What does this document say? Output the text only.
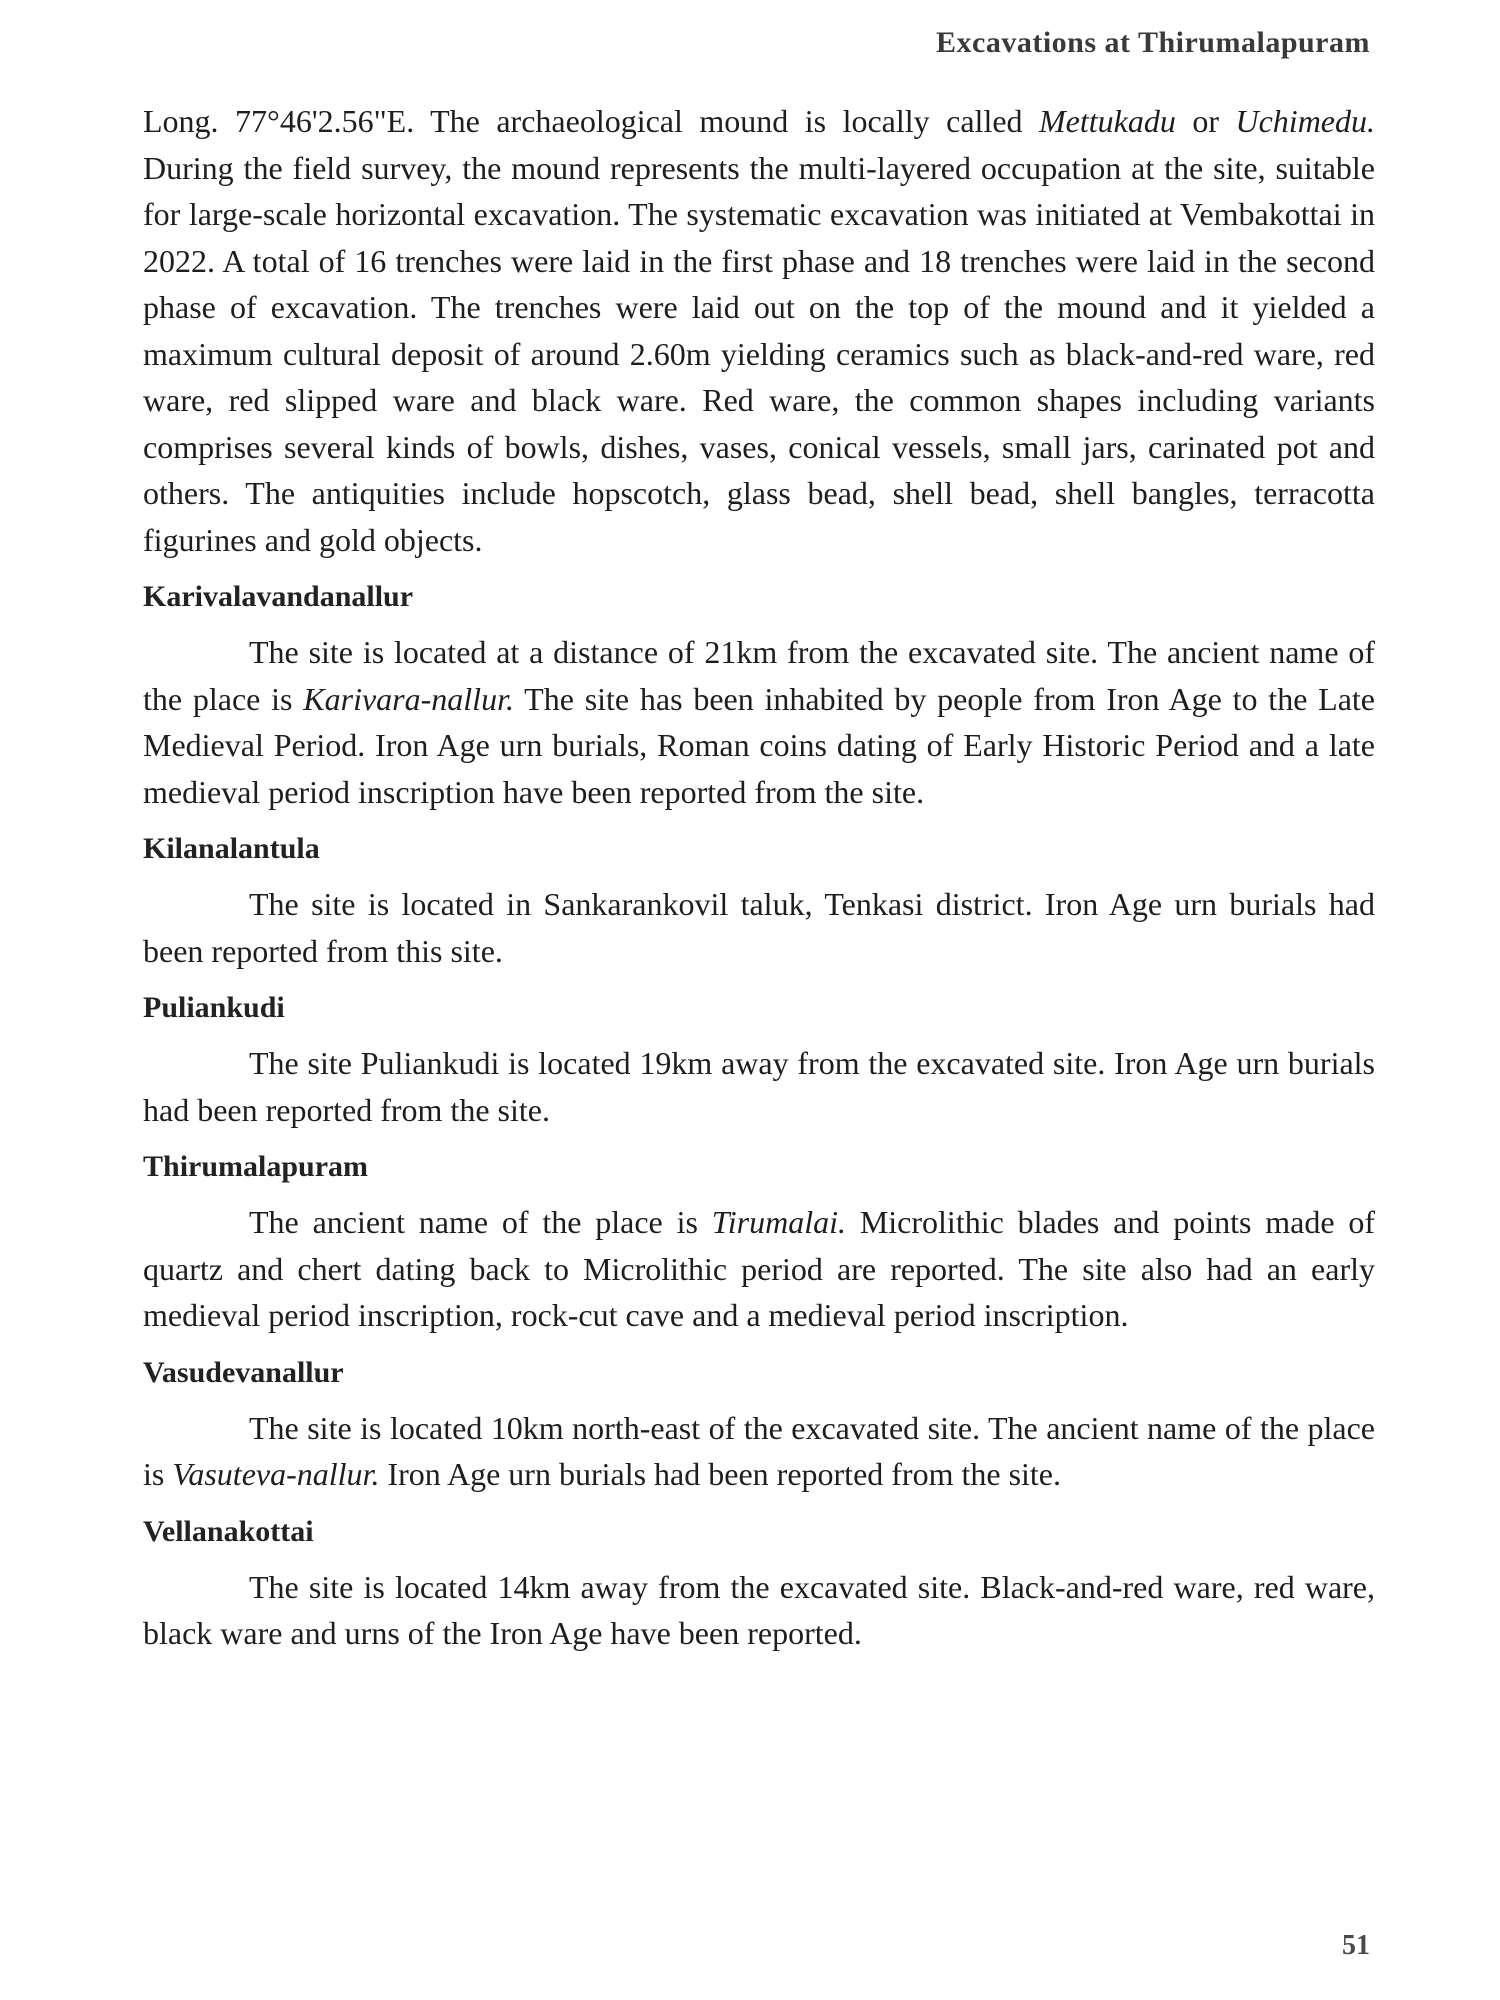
Excavations at Thirumalapuram

Long. 77°46'2.56"E. The archaeological mound is locally called Mettukadu or Uchimedu. During the field survey, the mound represents the multi-layered occupation at the site, suitable for large-scale horizontal excavation. The systematic excavation was initiated at Vembakottai in 2022. A total of 16 trenches were laid in the first phase and 18 trenches were laid in the second phase of excavation. The trenches were laid out on the top of the mound and it yielded a maximum cultural deposit of around 2.60m yielding ceramics such as black-and-red ware, red ware, red slipped ware and black ware. Red ware, the common shapes including variants comprises several kinds of bowls, dishes, vases, conical vessels, small jars, carinated pot and others. The antiquities include hopscotch, glass bead, shell bead, shell bangles, terracotta figurines and gold objects.

Karivalavandanallur

The site is located at a distance of 21km from the excavated site. The ancient name of the place is Karivara-nallur. The site has been inhabited by people from Iron Age to the Late Medieval Period. Iron Age urn burials, Roman coins dating of Early Historic Period and a late medieval period inscription have been reported from the site.

Kilanalantula

The site is located in Sankarankovil taluk, Tenkasi district. Iron Age urn burials had been reported from this site.

Puliankudi

The site Puliankudi is located 19km away from the excavated site. Iron Age urn burials had been reported from the site.

Thirumalapuram

The ancient name of the place is Tirumalai. Microlithic blades and points made of quartz and chert dating back to Microlithic period are reported. The site also had an early medieval period inscription, rock-cut cave and a medieval period inscription.

Vasudevanallur

The site is located 10km north-east of the excavated site. The ancient name of the place is Vasuteva-nallur. Iron Age urn burials had been reported from the site.

Vellanakottai

The site is located 14km away from the excavated site. Black-and-red ware, red ware, black ware and urns of the Iron Age have been reported.

51
